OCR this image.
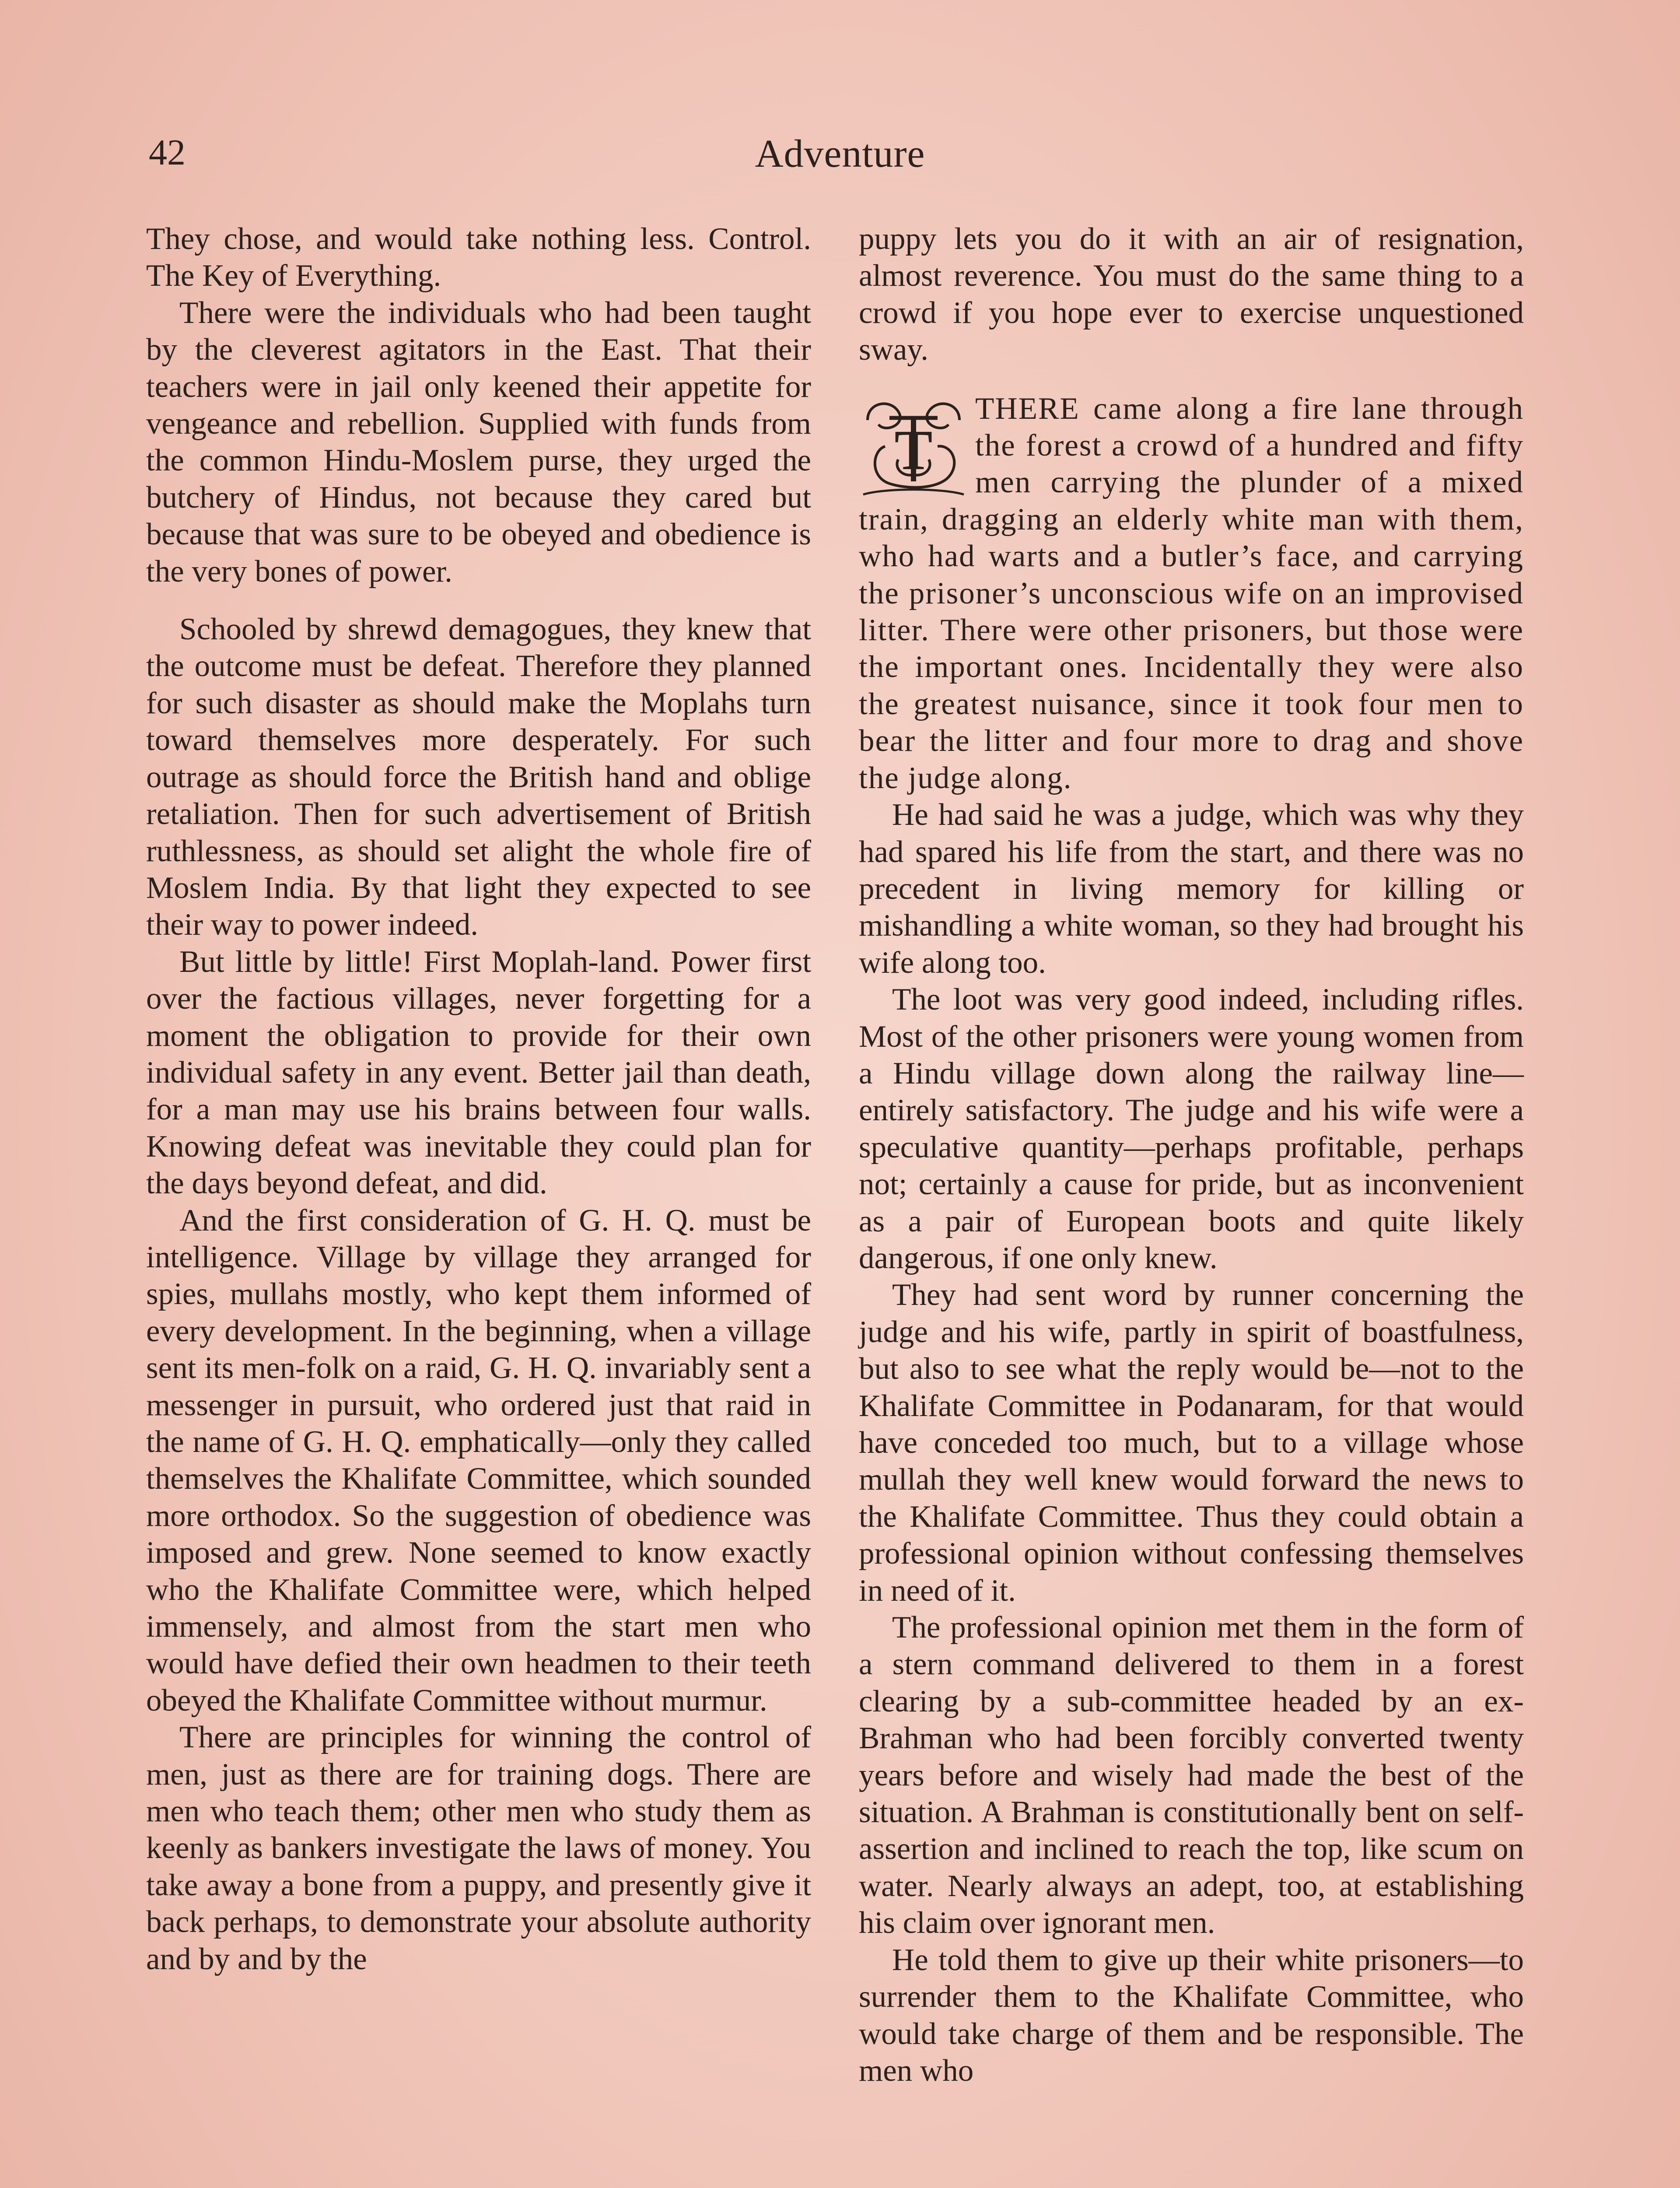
42	Adventure

They chose, and would take nothing less. Control. The Key of Everything.

There were the individuals who had been taught by the cleverest agitators in the East. That their teachers were in jail only keened their appetite for vengeance and rebellion. Supplied with funds from the common Hindu-Moslem purse, they urged the butchery of Hindus, not because they cared but because that was sure to be obeyed and obedience is the very bones of power.

Schooled by shrewd demagogues, they knew that the outcome must be defeat. Therefore they planned for such disaster as should make the Moplahs turn toward themselves more desperately. For such outrage as should force the British hand and oblige retaliation. Then for such advertisement of British ruthlessness, as should set alight the whole fire of Moslem India. By that light they expected to see their way to power indeed.

But little by little! First Moplah-land. Power first over the factious villages, never forgetting for a moment the obligation to provide for their own individual safety in any event. Better jail than death, for a man may use his brains between four walls. Knowing defeat was inevitable they could plan for the days beyond defeat, and did.

And the first consideration of G. H. Q. must be intelligence. Village by village they arranged for spies, mullahs mostly, who kept them informed of every development. In the beginning, when a village sent its men-folk on a raid, G. H. Q. invariably sent a messenger in pursuit, who ordered just that raid in the name of G. H. Q. emphatically—only they called themselves the Khalifate Committee, which sounded more orthodox. So the suggestion of obedience was imposed and grew. None seemed to know exactly who the Khalifate Committee were, which helped immensely, and almost from the start men who would have defied their own headmen to their teeth obeyed the Khalifate Committee without murmur.

There are principles for winning the control of men, just as there are for training dogs. There are men who teach them; other men who study them as keenly as bankers investigate the laws of money. You take away a bone from a puppy, and presently give it back perhaps, to demonstrate your absolute authority and by and by the

puppy lets you do it with an air of resignation, almost reverence. You must do the same thing to a crowd if you hope ever to exercise unquestioned sway.

T
THERE came along a fire lane through the forest a crowd of a hundred and fifty men carrying the plunder of a mixed train, dragging an elderly white man with them, who had warts and a butler’s face, and carrying the prisoner’s unconscious wife on an improvised litter. There were other prisoners, but those were the important ones. Incidentally they were also the greatest nuisance, since it took four men to bear the litter and four more to drag and shove the judge along.

He had said he was a judge, which was why they had spared his life from the start, and there was no precedent in living memory for killing or mishandling a white woman, so they had brought his wife along too.

The loot was very good indeed, including rifles. Most of the other prisoners were young women from a Hindu village down along the railway line—entirely satisfactory. The judge and his wife were a speculative quantity—perhaps profitable, perhaps not; certainly a cause for pride, but as inconvenient as a pair of European boots and quite likely dangerous, if one only knew.

They had sent word by runner concerning the judge and his wife, partly in spirit of boastfulness, but also to see what the reply would be—not to the Khalifate Committee in Podanaram, for that would have conceded too much, but to a village whose mullah they well knew would forward the news to the Khalifate Committee. Thus they could obtain a professional opinion without confessing themselves in need of it.

The professional opinion met them in the form of a stern command delivered to them in a forest clearing by a sub-committee headed by an ex-Brahman who had been forcibly converted twenty years before and wisely had made the best of the situation. A Brahman is constitutionally bent on self-assertion and inclined to reach the top, like scum on water. Nearly always an adept, too, at establishing his claim over ignorant men.

He told them to give up their white prisoners—to surrender them to the Khalifate Committee, who would take charge of them and be responsible. The men who
